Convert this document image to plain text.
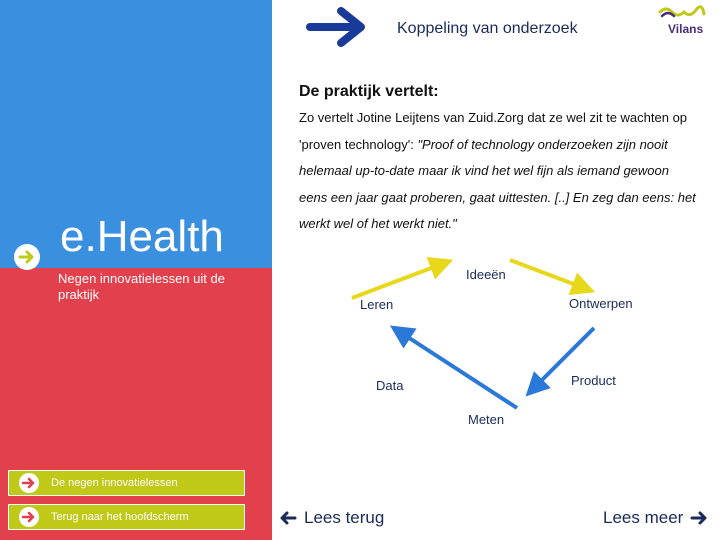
e.Health
Negen innovatielessen uit de praktijk
De negen innovatielessen
Terug naar het hoofdscherm
Koppeling van onderzoek	Vilans
De praktijk vertelt:
Zo vertelt Jotine Leijtens van Zuid.Zorg dat ze wel zit te wachten op 'proven technology': "Proof of technology onderzoeken zijn nooit helemaal up-to-date maar ik vind het wel fijn als iemand gewoon eens een jaar gaat proberen, gaat uittesten. [..] En zeg dan eens: het werkt wel of het werkt niet."
Ideeën
Ontwerpen
Product
Meten
Data
Leren
Lees terug	Lees meer
